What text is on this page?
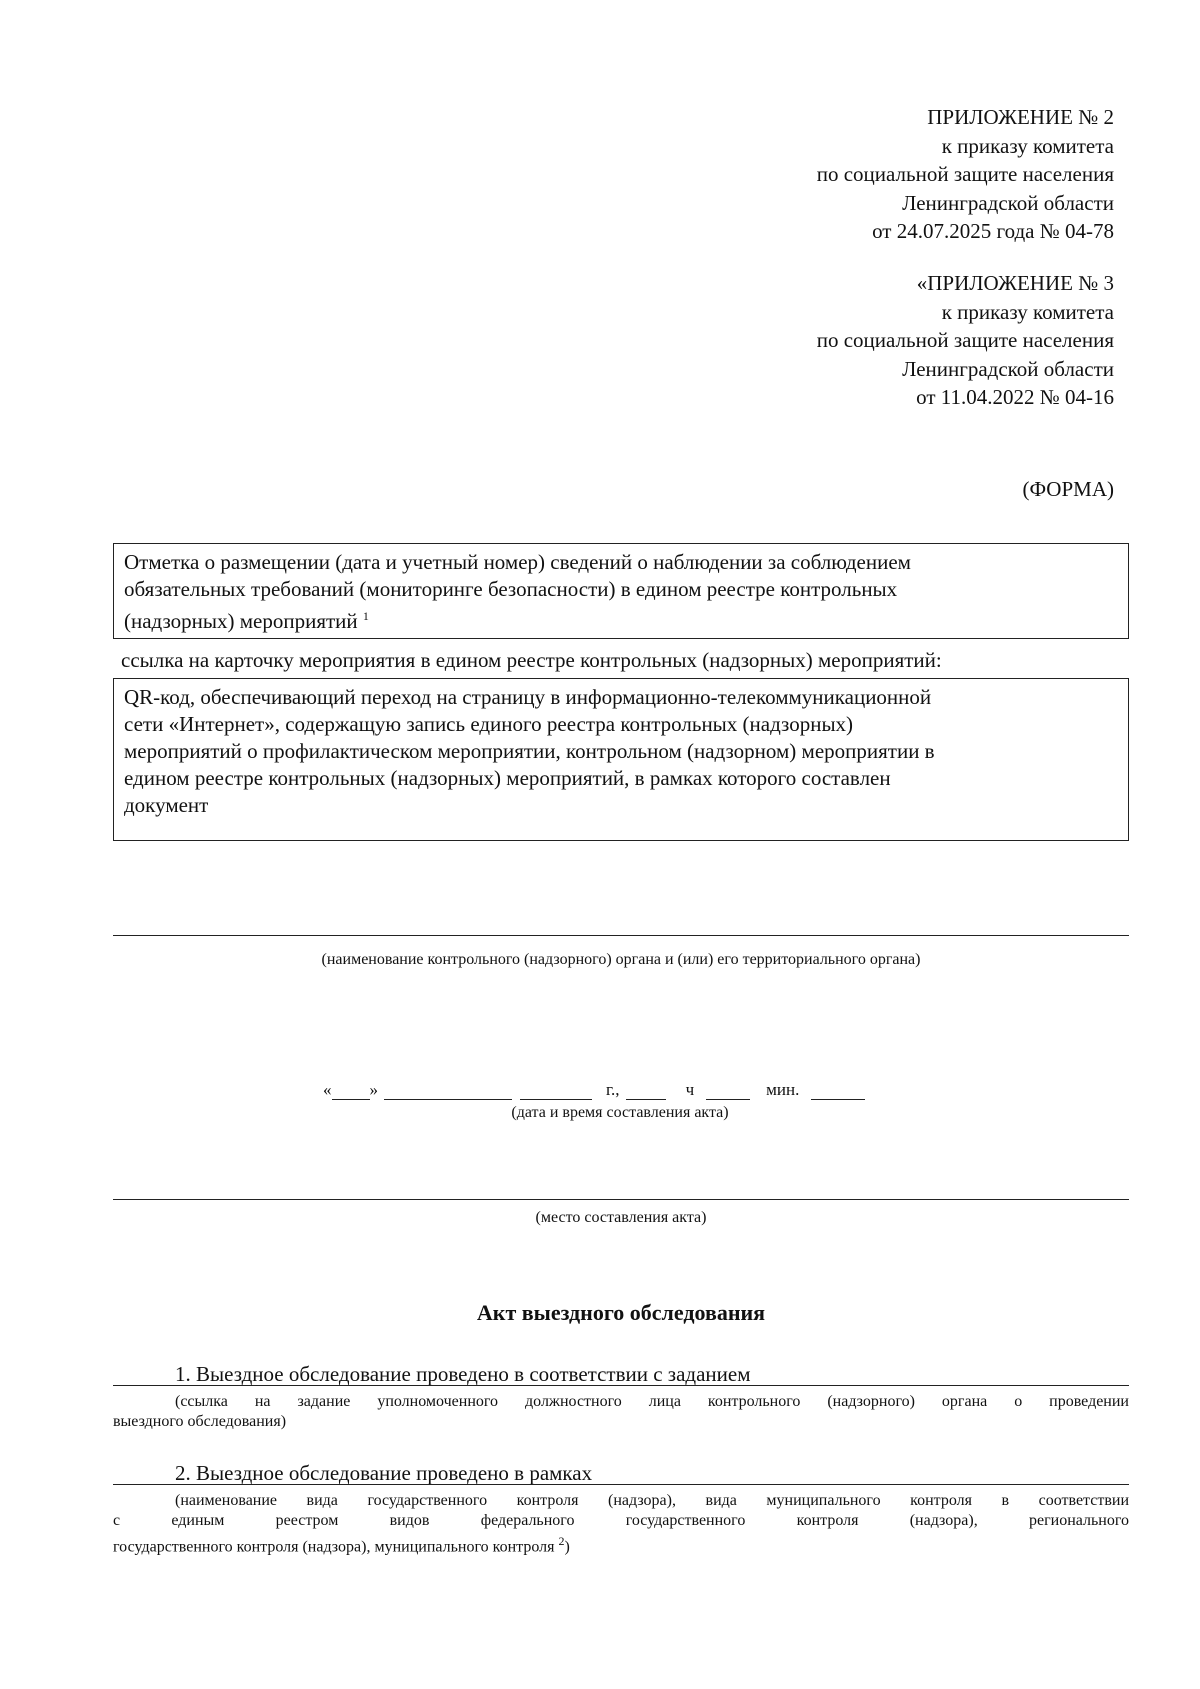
ПРИЛОЖЕНИЕ № 2
к приказу комитета
по социальной защите населения
Ленинградской области
от 24.07.2025 года № 04-78
«ПРИЛОЖЕНИЕ № 3
к приказу комитета
по социальной защите населения
Ленинградской области
от 11.04.2022 № 04-16
(ФОРМА)
Отметка о размещении (дата и учетный номер) сведений о наблюдении за соблюдением
обязательных требований (мониторинге безопасности) в едином реестре контрольных
(надзорных) мероприятий $^1$
ссылка на карточку мероприятия в едином реестре контрольных (надзорных) мероприятий:
QR-код, обеспечивающий переход на страницу в информационно-телекоммуникационной
сети «Интернет», содержащую запись единого реестра контрольных (надзорных)
мероприятий о профилактическом мероприятии, контрольном (надзорном) мероприятии в
едином реестре контрольных (надзорных) мероприятий, в рамках которого составлен
документ
(наименование контрольного (надзорного) органа и (или) его территориального органа)
« »	г.,	ч	мин.
(дата и время составления акта)
(место составления акта)
Акт выездного обследования
1. Выездное обследование проведено в соответствии с заданием
(ссылка на задание уполномоченного должностного лица контрольного (надзорного) органа о проведении
выездного обследования)
2. Выездное обследование проведено в рамках
(наименование вида государственного контроля (надзора), вида муниципального контроля в соответствии
с единым реестром видов федерального государственного контроля (надзора), регионального
государственного контроля (надзора), муниципального контроля $^2$)
